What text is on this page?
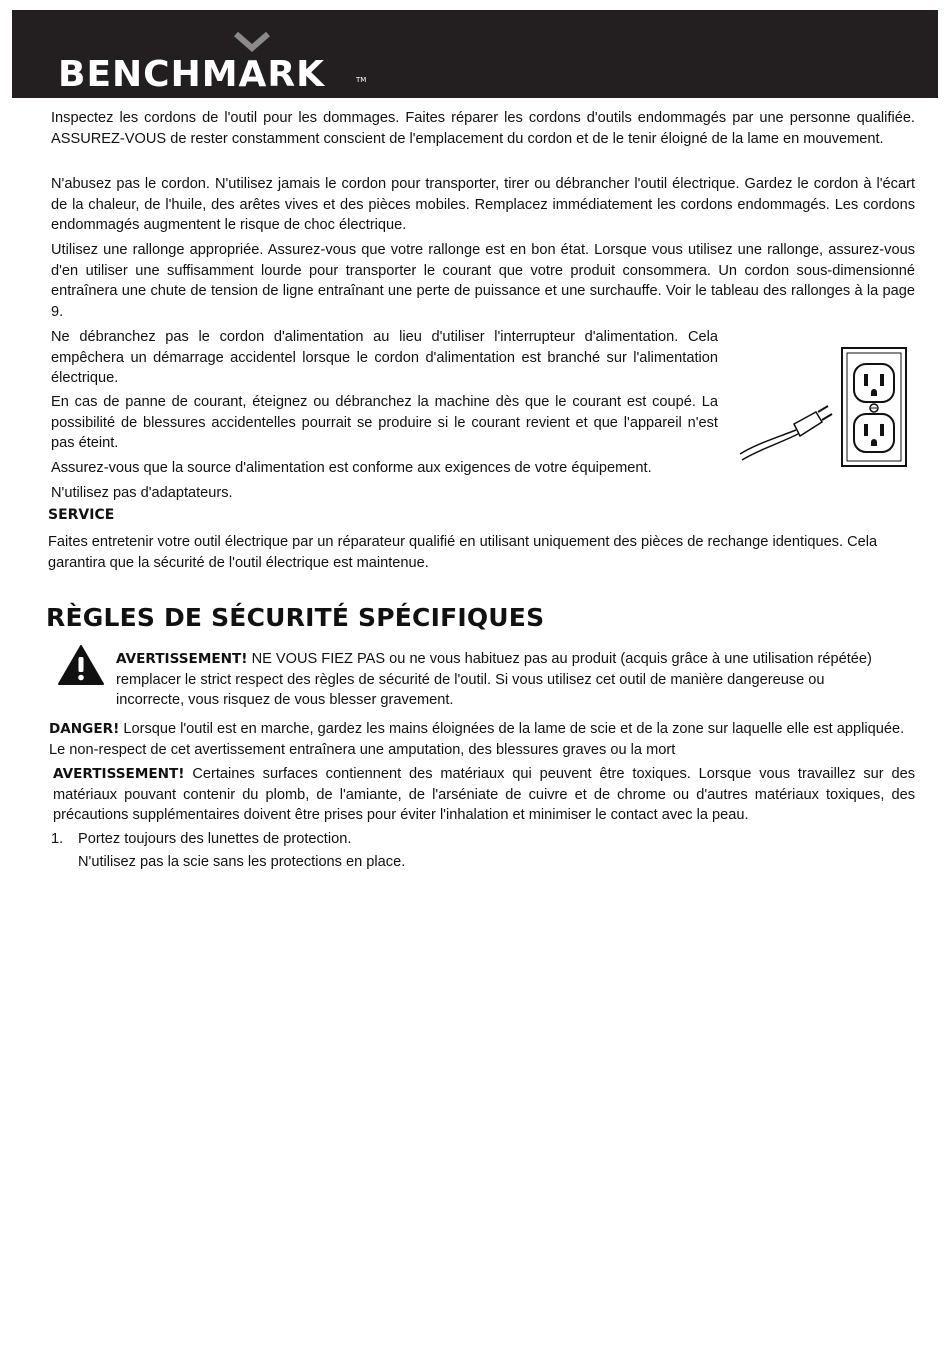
BENCHMARK	TM

Inspectez les cordons de l'outil pour les dommages. Faites réparer les cordons d'outils endommagés par une personne qualifiée. ASSUREZ-VOUS de rester constamment conscient de l'emplacement du cordon et de le tenir éloigné de la lame en mouvement.

N'abusez pas le cordon. N'utilisez jamais le cordon pour transporter, tirer ou débrancher l'outil électrique. Gardez le cordon à l'écart de la chaleur, de l'huile, des arêtes vives et des pièces mobiles. Remplacez immédiatement les cordons endommagés. Les cordons endommagés augmentent le risque de choc électrique.

Utilisez une rallonge appropriée. Assurez-vous que votre rallonge est en bon état. Lorsque vous utilisez une rallonge, assurez-vous d'en utiliser une suffisamment lourde pour transporter le courant que votre produit consommera. Un cordon sous-dimensionné entraînera une chute de tension de ligne entraînant une perte de puissance et une surchauffe. Voir le tableau des rallonges à la page 9.

Ne débranchez pas le cordon d'alimentation au lieu d'utiliser l'interrupteur d'alimentation. Cela empêchera un démarrage accidentel lorsque le cordon d'alimentation est branché sur l'alimentation électrique.

En cas de panne de courant, éteignez ou débranchez la machine dès que le courant est coupé. La possibilité de blessures accidentelles pourrait se produire si le courant revient et que l'appareil n'est pas éteint.

Assurez-vous que la source d'alimentation est conforme aux exigences de votre équipement.

N'utilisez pas d'adaptateurs.

SERVICE

Faites entretenir votre outil électrique par un réparateur qualifié en utilisant uniquement des pièces de rechange identiques. Cela garantira que la sécurité de l'outil électrique est maintenue.

RÈGLES DE SÉCURITÉ SPÉCIFIQUES

AVERTISSEMENT! NE VOUS FIEZ PAS ou ne vous habituez pas au produit (acquis grâce à une utilisation répétée) remplacer le strict respect des règles de sécurité de l'outil. Si vous utilisez cet outil de manière dangereuse ou incorrecte, vous risquez de vous blesser gravement.

DANGER! Lorsque l'outil est en marche, gardez les mains éloignées de la lame de scie et de la zone sur laquelle elle est appliquée. Le non-respect de cet avertissement entraînera une amputation, des blessures graves ou la mort

AVERTISSEMENT! Certaines surfaces contiennent des matériaux qui peuvent être toxiques. Lorsque vous travaillez sur des matériaux pouvant contenir du plomb, de l'amiante, de l'arséniate de cuivre et de chrome ou d'autres matériaux toxiques, des précautions supplémentaires doivent être prises pour éviter l'inhalation et minimiser le contact avec la peau.

1. Portez toujours des lunettes de protection.
N'utilisez pas la scie sans les protections en place.
